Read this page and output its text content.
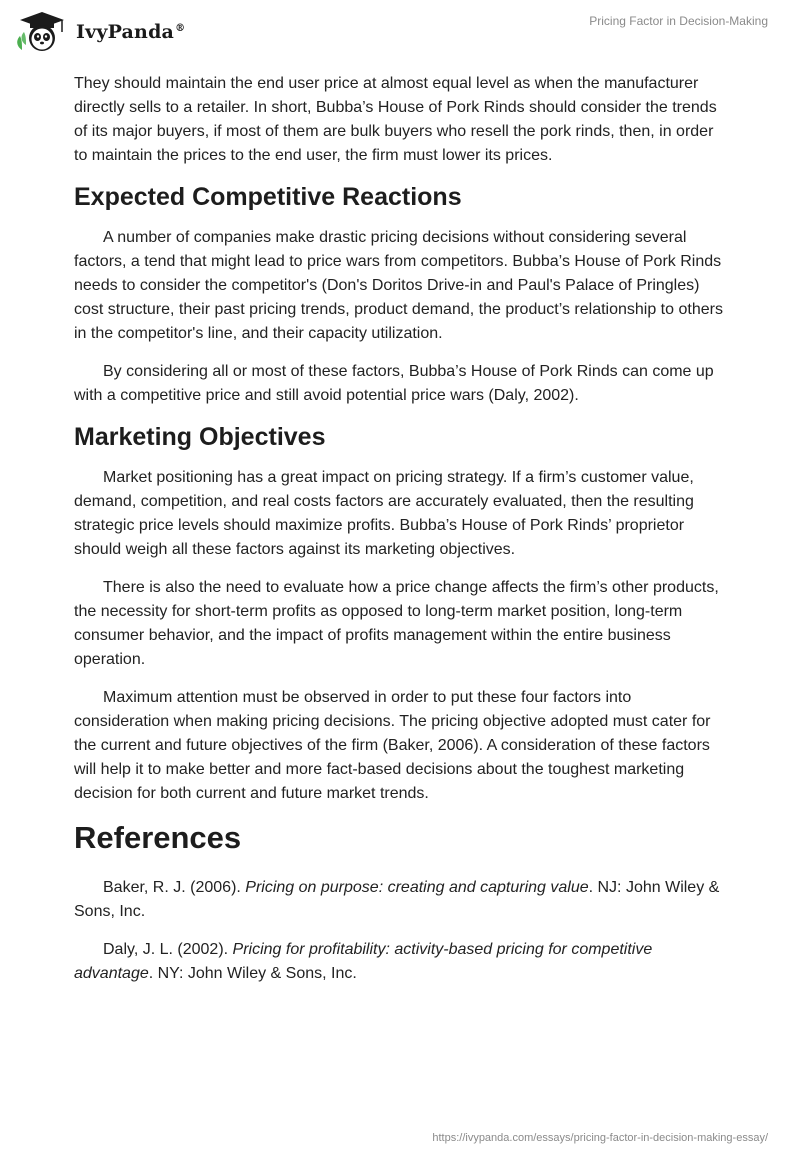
IvyPanda®
Pricing Factor in Decision-Making

They should maintain the end user price at almost equal level as when the manufacturer directly sells to a retailer. In short, Bubba’s House of Pork Rinds should consider the trends of its major buyers, if most of them are bulk buyers who resell the pork rinds, then, in order to maintain the prices to the end user, the firm must lower its prices.

Expected Competitive Reactions

A number of companies make drastic pricing decisions without considering several factors, a tend that might lead to price wars from competitors. Bubba’s House of Pork Rinds needs to consider the competitor's (Don's Doritos Drive-in and Paul's Palace of Pringles) cost structure, their past pricing trends, product demand, the product’s relationship to others in the competitor's line, and their capacity utilization.

By considering all or most of these factors, Bubba’s House of Pork Rinds can come up with a competitive price and still avoid potential price wars (Daly, 2002).

Marketing Objectives

Market positioning has a great impact on pricing strategy. If a firm’s customer value, demand, competition, and real costs factors are accurately evaluated, then the resulting strategic price levels should maximize profits. Bubba’s House of Pork Rinds’ proprietor should weigh all these factors against its marketing objectives.

There is also the need to evaluate how a price change affects the firm’s other products, the necessity for short-term profits as opposed to long-term market position, long-term consumer behavior, and the impact of profits management within the entire business operation.

Maximum attention must be observed in order to put these four factors into consideration when making pricing decisions. The pricing objective adopted must cater for the current and future objectives of the firm (Baker, 2006). A consideration of these factors will help it to make better and more fact-based decisions about the toughest marketing decision for both current and future market trends.

References

Baker, R. J. (2006). Pricing on purpose: creating and capturing value. NJ: John Wiley & Sons, Inc.

Daly, J. L. (2002). Pricing for profitability: activity-based pricing for competitive advantage. NY: John Wiley & Sons, Inc.

https://ivypanda.com/essays/pricing-factor-in-decision-making-essay/
